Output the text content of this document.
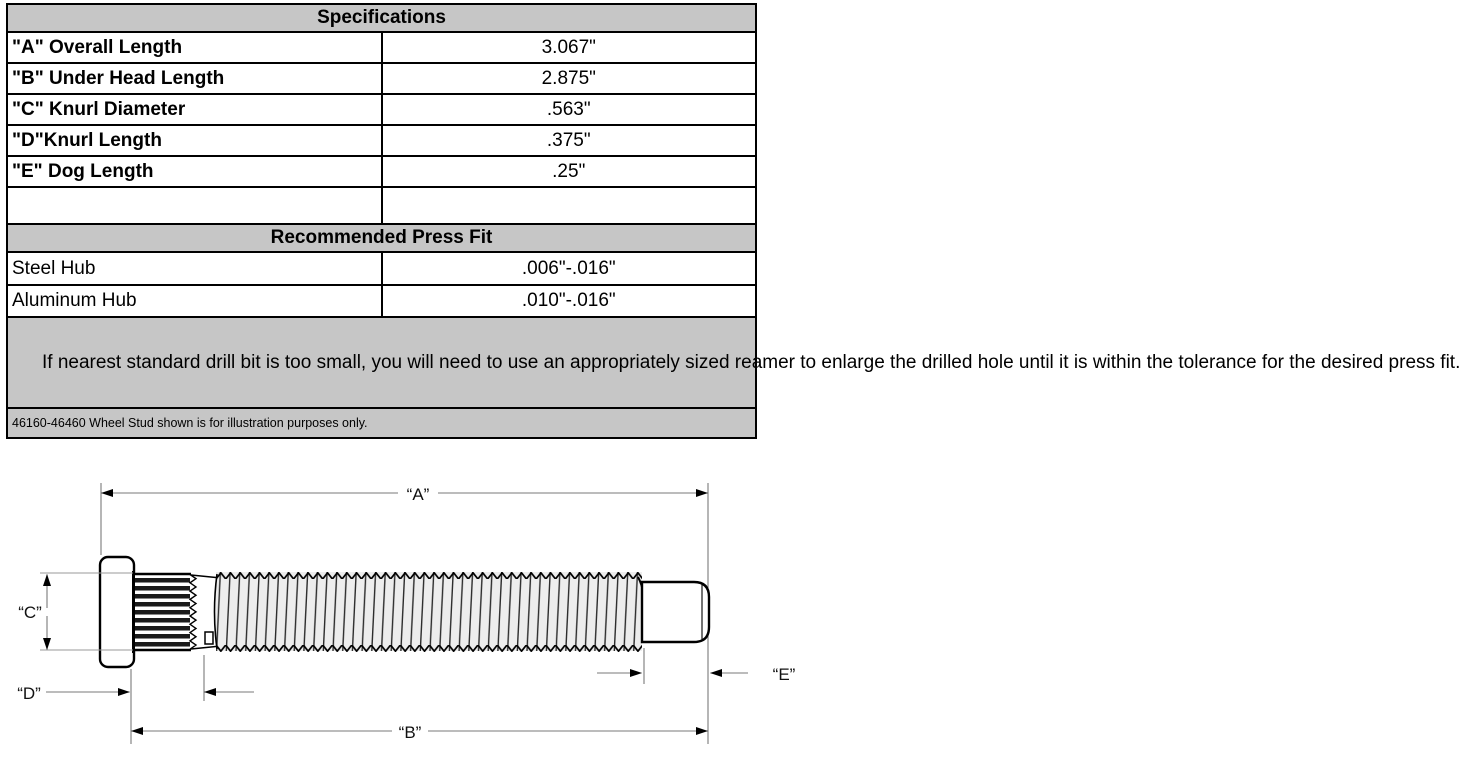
Specifications	
"A" Overall Length	3.067"
"B" Under Head Length	2.875"
"C" Knurl Diameter	.563"
"D"Knurl Length	.375"
"E" Dog Length	.25"

Recommended Press Fit	
Steel Hub	.006"-.016"
Aluminum Hub	.010"-.016"
If nearest standard drill bit is too small, you will need to use an appropriately sized reamer to enlarge the drilled hole until it is within the tolerance for the desired press fit.	
46160-46460 Wheel Stud shown is for illustration purposes only.	
“A”
“B”
“C”
“D”
“E”
